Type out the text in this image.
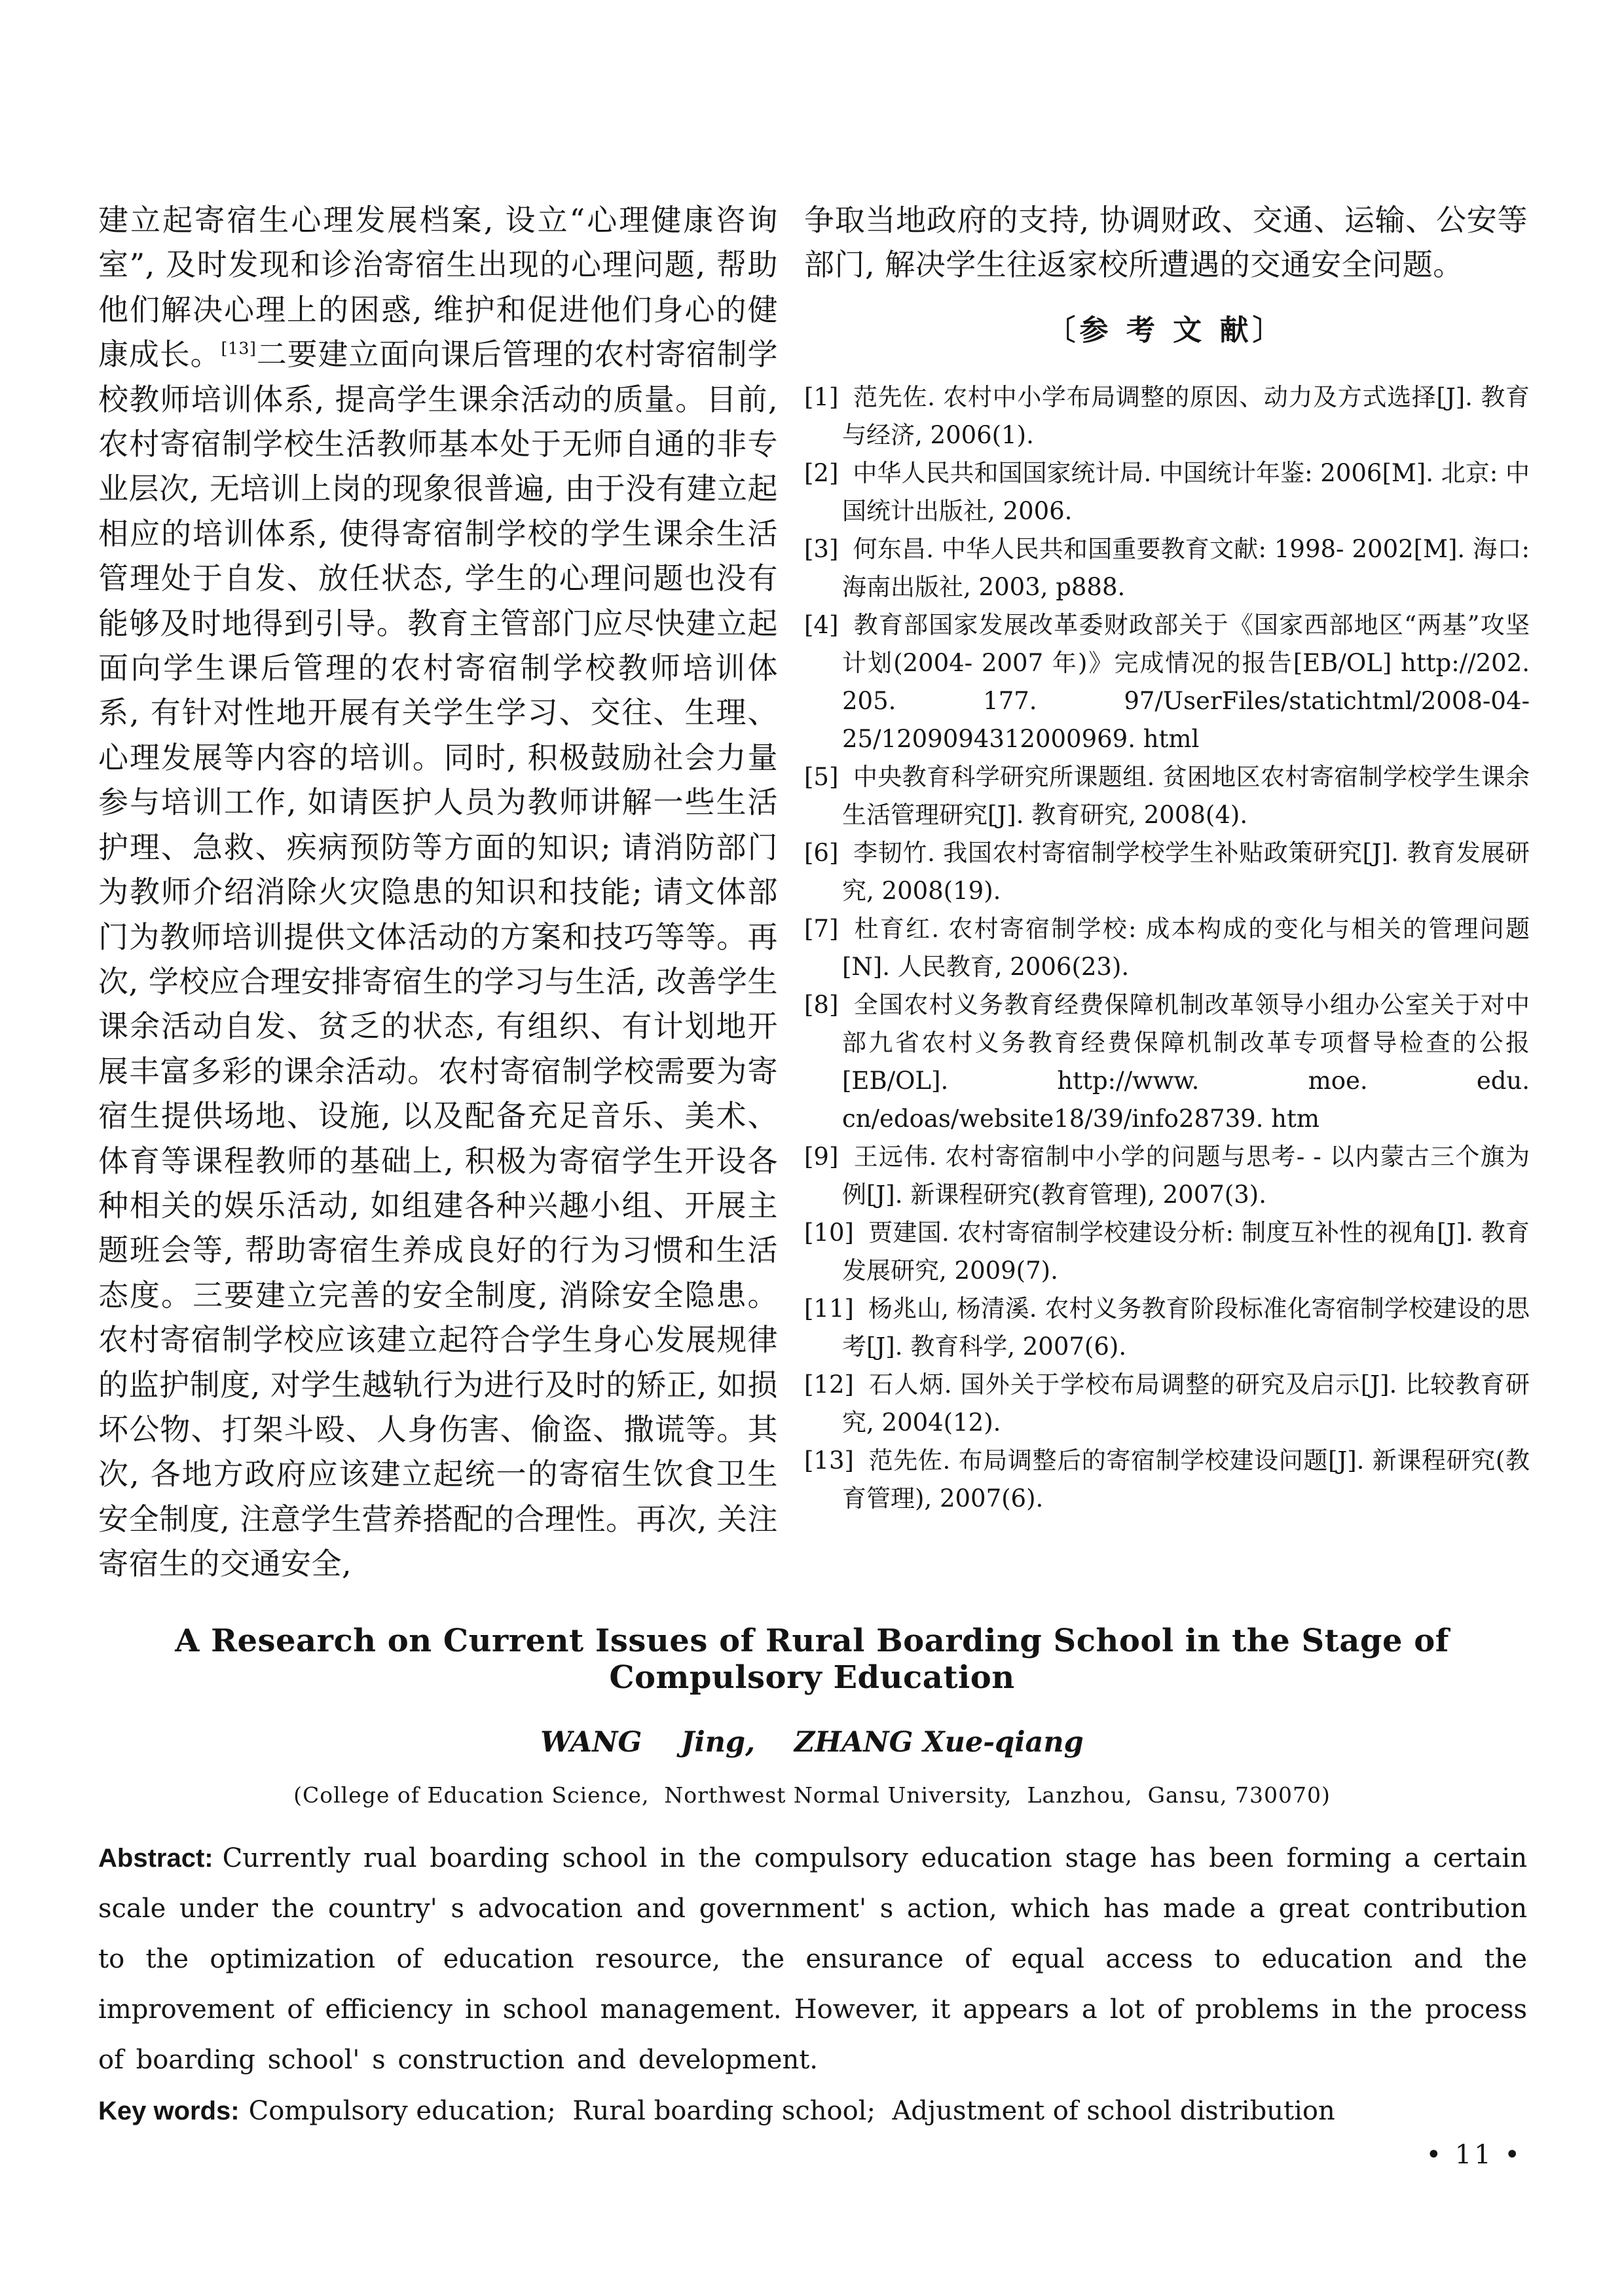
建立起寄宿生心理发展档案, 设立“心理健康咨询室”, 及时发现和诊治寄宿生出现的心理问题, 帮助他们解决心理上的困惑, 维护和促进他们身心的健康成长。[13]二要建立面向课后管理的农村寄宿制学校教师培训体系, 提高学生课余活动的质量。目前, 农村寄宿制学校生活教师基本处于无师自通的非专业层次, 无培训上岗的现象很普遍, 由于没有建立起相应的培训体系, 使得寄宿制学校的学生课余生活管理处于自发、放任状态, 学生的心理问题也没有能够及时地得到引导。教育主管部门应尽快建立起面向学生课后管理的农村寄宿制学校教师培训体系, 有针对性地开展有关学生学习、交往、生理、心理发展等内容的培训。同时, 积极鼓励社会力量参与培训工作, 如请医护人员为教师讲解一些生活护理、急救、疾病预防等方面的知识; 请消防部门为教师介绍消除火灾隐患的知识和技能; 请文体部门为教师培训提供文体活动的方案和技巧等等。再次, 学校应合理安排寄宿生的学习与生活, 改善学生课余活动自发、贫乏的状态, 有组织、有计划地开展丰富多彩的课余活动。农村寄宿制学校需要为寄宿生提供场地、设施, 以及配备充足音乐、美术、体育等课程教师的基础上, 积极为寄宿学生开设各种相关的娱乐活动, 如组建各种兴趣小组、开展主题班会等, 帮助寄宿生养成良好的行为习惯和生活态度。三要建立完善的安全制度, 消除安全隐患。农村寄宿制学校应该建立起符合学生身心发展规律的监护制度, 对学生越轨行为进行及时的矫正, 如损坏公物、打架斗殴、人身伤害、偷盗、撒谎等。其次, 各地方政府应该建立起统一的寄宿生饮食卫生安全制度, 注意学生营养搭配的合理性。再次, 关注寄宿生的交通安全,
争取当地政府的支持, 协调财政、交通、运输、公安等部门, 解决学生往返家校所遭遇的交通安全问题。
〔参 考 文 献〕
[1] 范先佐. 农村中小学布局调整的原因、动力及方式选择[J]. 教育与经济, 2006(1).
[2] 中华人民共和国国家统计局. 中国统计年鉴: 2006[M]. 北京: 中国统计出版社, 2006.
[3] 何东昌. 中华人民共和国重要教育文献: 1998- 2002[M]. 海口: 海南出版社, 2003, p888.
[4] 教育部国家发展改革委财政部关于《国家西部地区“两基”攻坚计划(2004- 2007 年)》完成情况的报告[EB/OL] http://202. 205. 177. 97/UserFiles/statichtml/2008-04-25/1209094312000969. html
[5] 中央教育科学研究所课题组. 贫困地区农村寄宿制学校学生课余生活管理研究[J]. 教育研究, 2008(4).
[6] 李韧竹. 我国农村寄宿制学校学生补贴政策研究[J]. 教育发展研究, 2008(19).
[7] 杜育红. 农村寄宿制学校: 成本构成的变化与相关的管理问题[N]. 人民教育, 2006(23).
[8] 全国农村义务教育经费保障机制改革领导小组办公室关于对中部九省农村义务教育经费保障机制改革专项督导检查的公报[EB/OL]. http://www. moe. edu. cn/edoas/website18/39/info28739. htm
[9] 王远伟. 农村寄宿制中小学的问题与思考- - 以内蒙古三个旗为例[J]. 新课程研究(教育管理), 2007(3).
[10] 贾建国. 农村寄宿制学校建设分析: 制度互补性的视角[J]. 教育发展研究, 2009(7).
[11] 杨兆山, 杨清溪. 农村义务教育阶段标准化寄宿制学校建设的思考[J]. 教育科学, 2007(6).
[12] 石人炳. 国外关于学校布局调整的研究及启示[J]. 比较教育研究, 2004(12).
[13] 范先佐. 布局调整后的寄宿制学校建设问题[J]. 新课程研究(教育管理), 2007(6).
A Research on Current Issues of Rural Boarding School in the Stage of Compulsory Education
WANG    Jing,    ZHANG Xue-qiang
(College of Education Science,  Northwest Normal University,  Lanzhou,  Gansu, 730070)
Abstract: Currently rual boarding school in the compulsory education stage has been forming a certain scale under the country' s advocation and government' s action, which has made a great contribution to the optimization of education resource, the ensurance of equal access to education and the improvement of efficiency in school management. However, it appears a lot of problems in the process of boarding school' s construction and development.
Key words: Compulsory education;  Rural boarding school;  Adjustment of school distribution
• 11 •
